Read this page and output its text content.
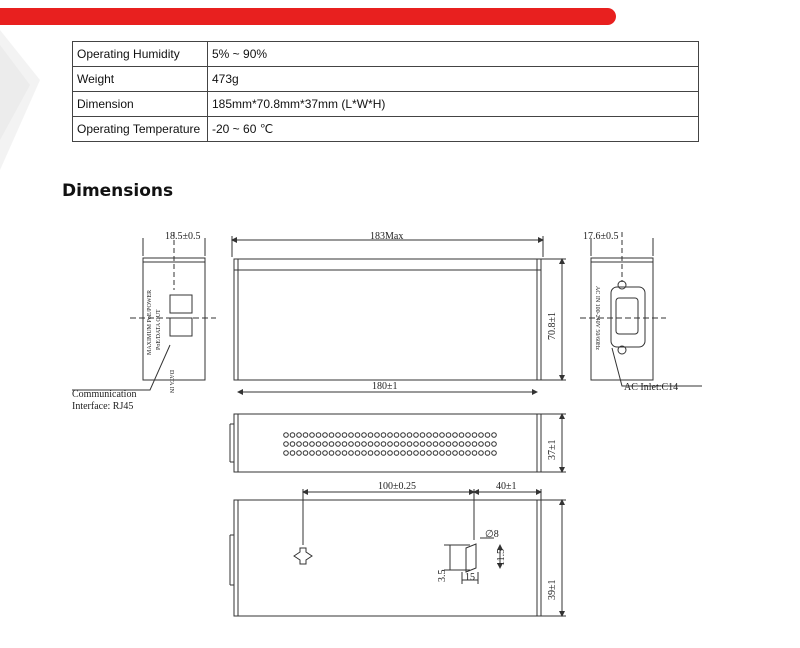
Operating Humidity	5% ~ 90%
Weight	473g
Dimension	185mm*70.8mm*37mm (L*W*H)
Operating Temperature	-20 ~ 60 ℃
Dimensions
18.5±0.5	183Max	17.6±0.5
180±1
100±0.25	40±1
∅8
15
Communication
Interface: RJ45
AC Inlet:C14
70.8±1
37±1
39±1
11.5
3.5
MAXIMUM PoE/POWER PoE/DATA OUT
DATA IN
AC IN 100-240V 50/60Hz
